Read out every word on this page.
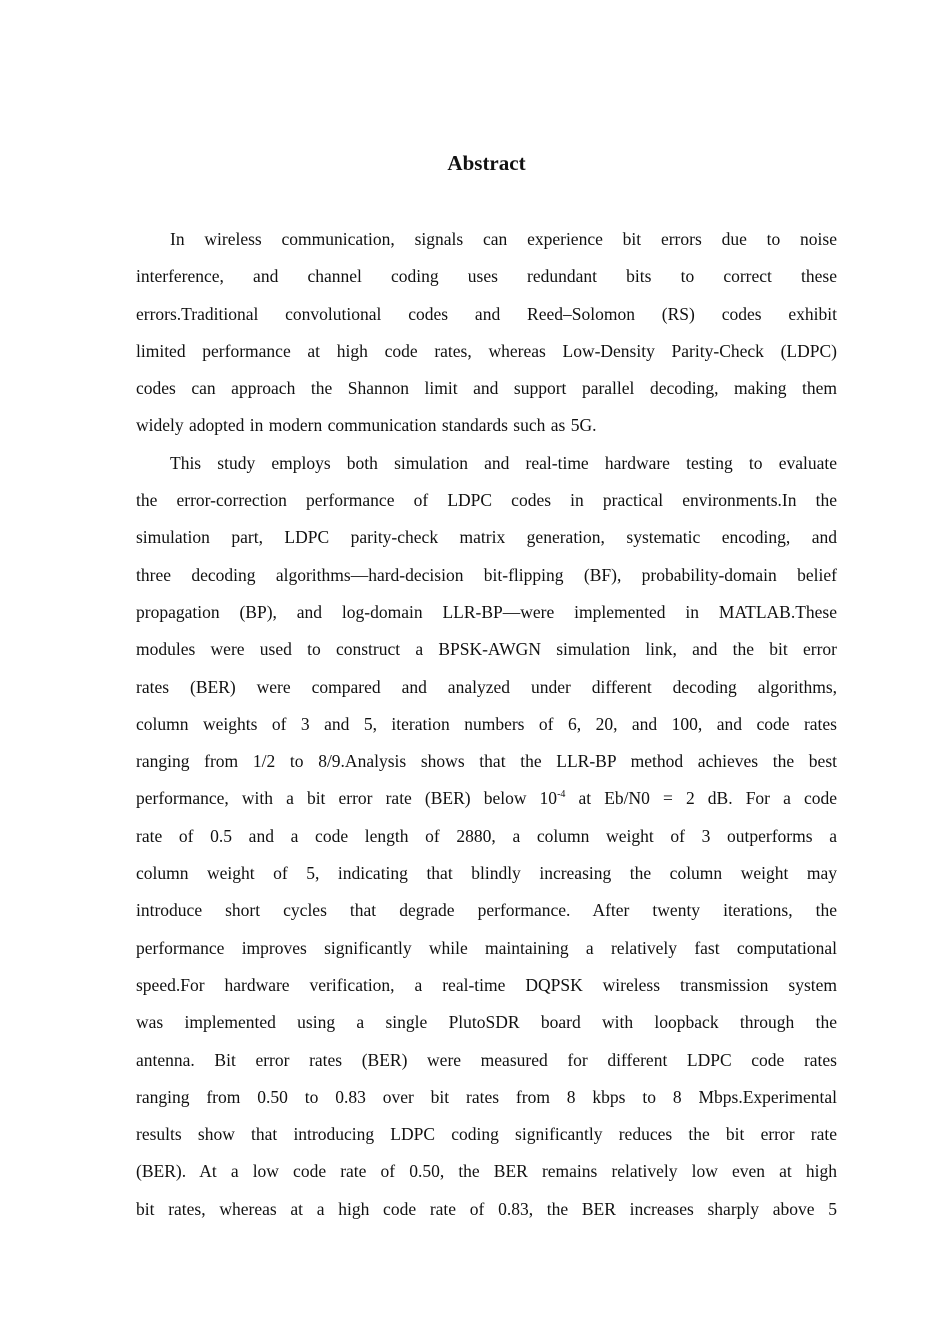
Abstract
In wireless communication, signals can experience bit errors due to noise
interference, and channel coding uses redundant bits to correct these
errors.Traditional convolutional codes and Reed–Solomon (RS) codes exhibit
limited performance at high code rates, whereas Low-Density Parity-Check (LDPC)
codes can approach the Shannon limit and support parallel decoding, making them
widely adopted in modern communication standards such as 5G.
This study employs both simulation and real-time hardware testing to evaluate
the error-correction performance of LDPC codes in practical environments.In the
simulation part, LDPC parity-check matrix generation, systematic encoding, and
three decoding algorithms—hard-decision bit-flipping (BF), probability-domain belief
propagation (BP), and log-domain LLR-BP—were implemented in MATLAB.These
modules were used to construct a BPSK-AWGN simulation link, and the bit error
rates (BER) were compared and analyzed under different decoding algorithms,
column weights of 3 and 5, iteration numbers of 6, 20, and 100, and code rates
ranging from 1/2 to 8/9.Analysis shows that the LLR-BP method achieves the best
performance, with a bit error rate (BER) below $10^{-4}$ at Eb/N0 = 2 dB. For a code
rate of 0.5 and a code length of 2880, a column weight of 3 outperforms a
column weight of 5, indicating that blindly increasing the column weight may
introduce short cycles that degrade performance. After twenty iterations, the
performance improves significantly while maintaining a relatively fast computational
speed.For hardware verification, a real-time DQPSK wireless transmission system
was implemented using a single PlutoSDR board with loopback through the
antenna. Bit error rates (BER) were measured for different LDPC code rates
ranging from 0.50 to 0.83 over bit rates from 8 kbps to 8 Mbps.Experimental
results show that introducing LDPC coding significantly reduces the bit error rate
(BER). At a low code rate of 0.50, the BER remains relatively low even at high
bit rates, whereas at a high code rate of 0.83, the BER increases sharply above 5
